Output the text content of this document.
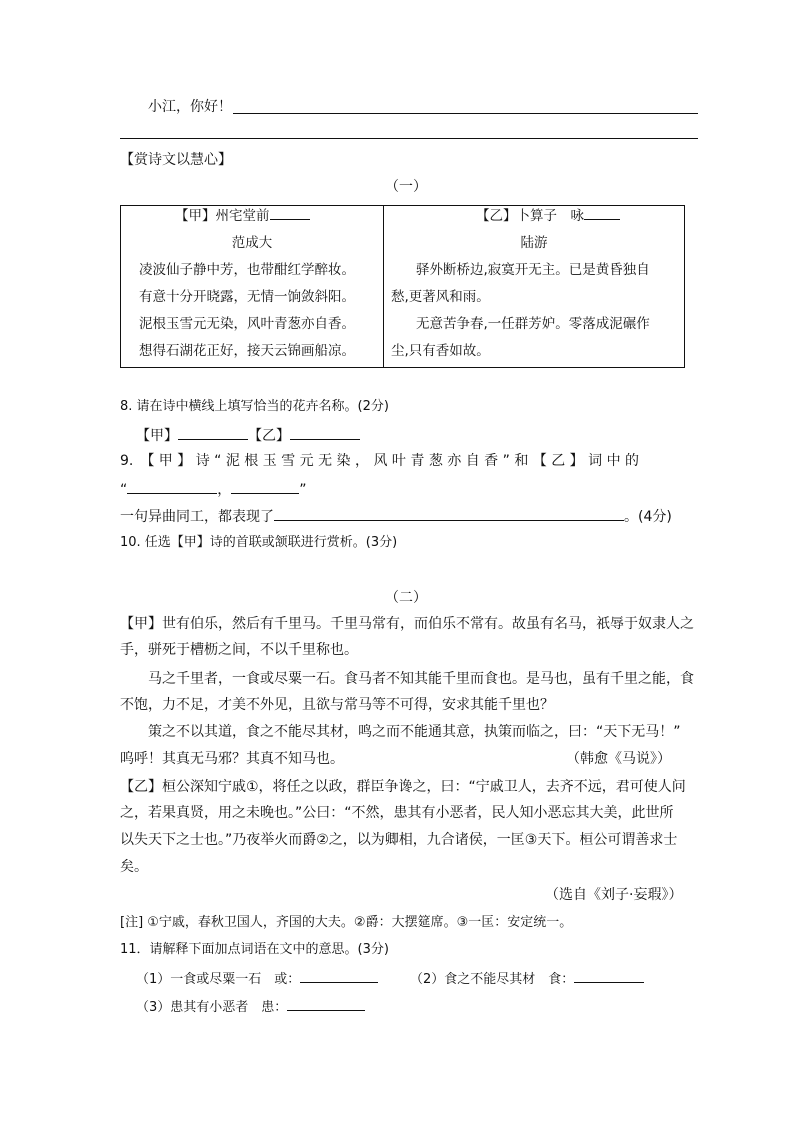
小江，你好！
【赏诗文以慧心】
（一）
【甲】州宅堂前
范成大
凌波仙子静中芳，也带酣红学醉妆。
有意十分开晓露，无情一饷敛斜阳。
泥根玉雪元无染，风叶青葱亦自香。
想得石湖花正好，接天云锦画船凉。
【乙】卜算子　咏
陆游
驿外断桥边,寂寞开无主。已是黄昏独自
愁,更著风和雨。
无意苦争春,一任群芳妒。零落成泥碾作
尘,只有香如故。
8. 请在诗中横线上填写恰当的花卉名称。(2分)
【甲】	【乙】
9.　【 甲 】 诗 “ 泥 根 玉 雪 元 无 染 ， 风 叶 青 葱 亦 自 香 ” 和 【 乙 】 词 中 的
“	，	”
一句异曲同工，都表现了	。(4分)
10. 任选【甲】诗的首联或颔联进行赏析。(3分)
（二）
【甲】世有伯乐，然后有千里马。千里马常有，而伯乐不常有。故虽有名马，祇辱于奴隶人之
手，骈死于槽枥之间，不以千里称也。
马之千里者，一食或尽粟一石。食马者不知其能千里而食也。是马也，虽有千里之能，食
不饱，力不足，才美不外见，且欲与常马等不可得，安求其能千里也？
策之不以其道，食之不能尽其材，鸣之而不能通其意，执策而临之，曰：“天下无马！”
呜呼！其真无马邪？其真不知马也。	（韩愈《马说》）
【乙】桓公深知宁戚①，将任之以政，群臣争谗之，曰：“宁戚卫人，去齐不远，君可使人问
之，若果真贤，用之未晚也。”公曰：“不然，患其有小恶者，民人知小恶忘其大美，此世所
以失天下之士也。”乃夜举火而爵②之，以为卿相，九合诸侯，一匡③天下。桓公可谓善求士
矣。
（选自《刘子·妄瑕》）
[注] ①宁戚，春秋卫国人，齐国的大夫。②爵：大摆筵席。③一匡：安定统一。
11．请解释下面加点词语在文中的意思。(3分)
（1）一食或尽粟一石　或：	（2）食之不能尽其材　食：
（3）患其有小恶者　患：
